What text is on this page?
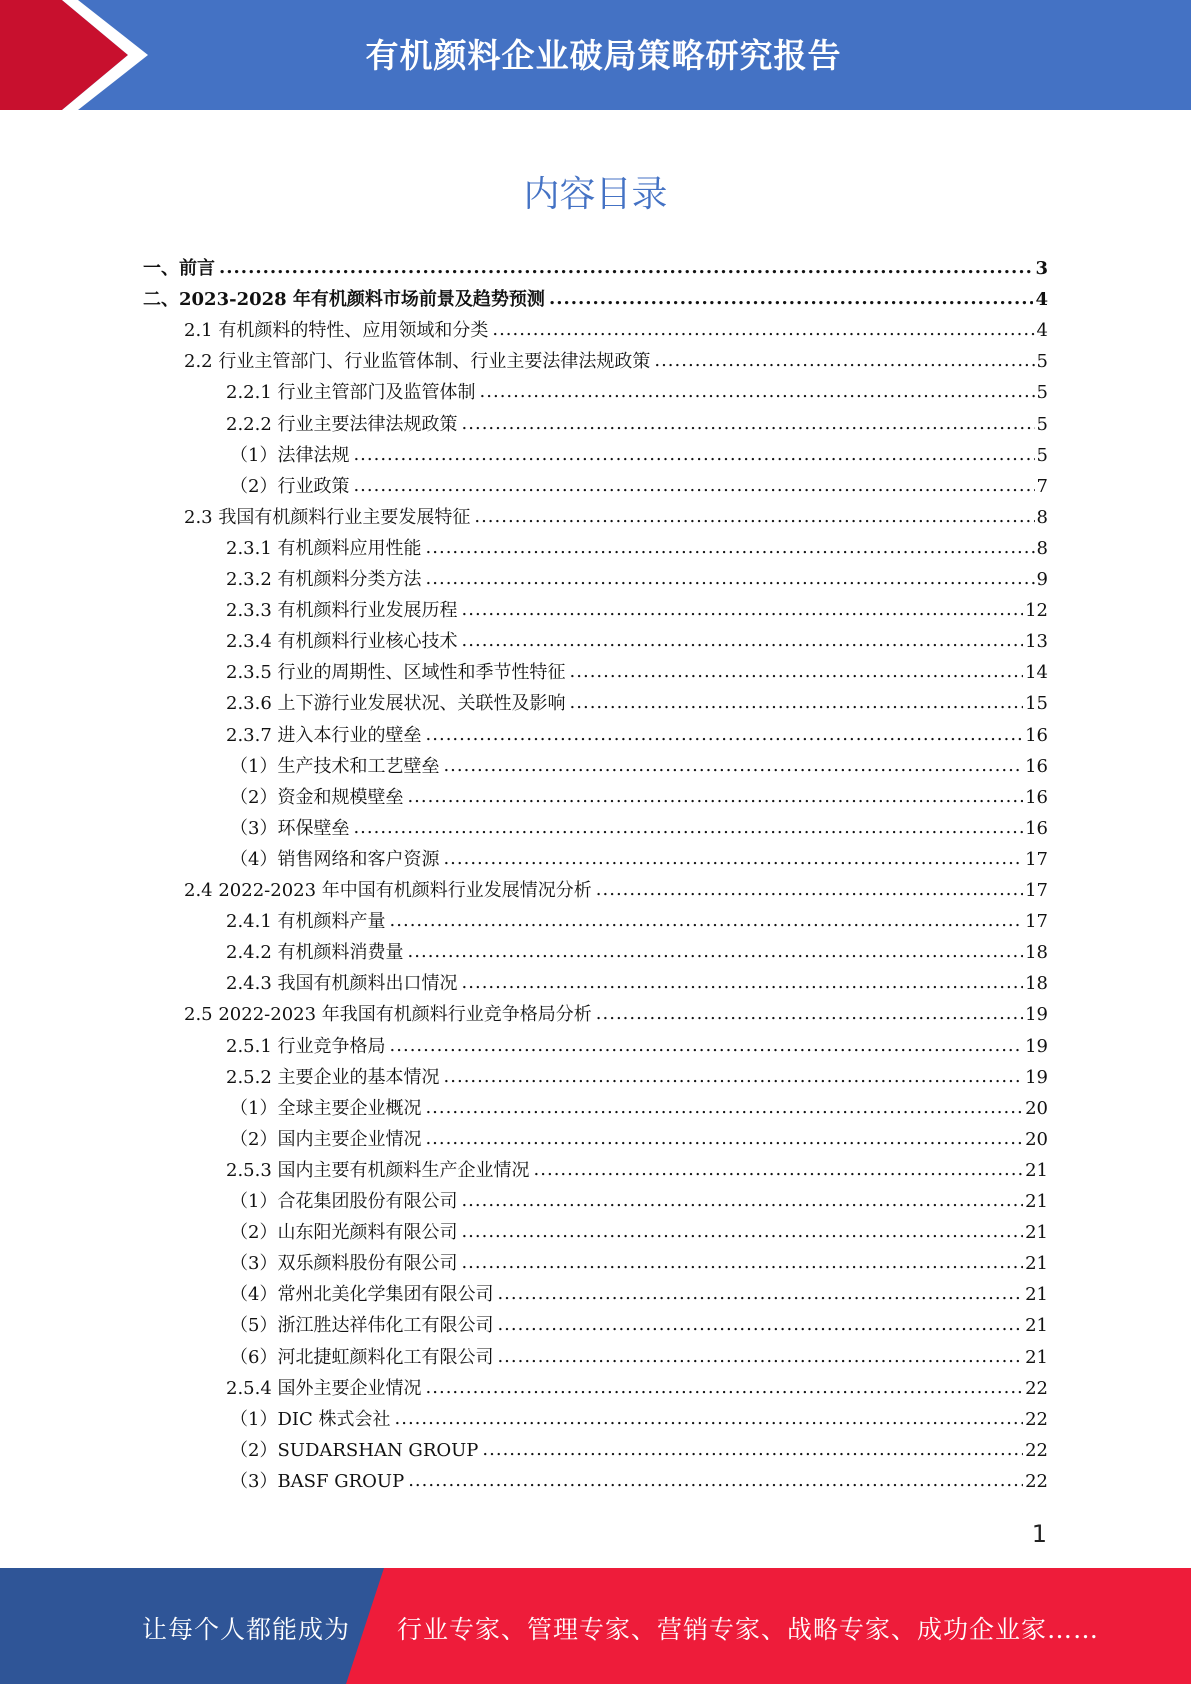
有机颜料企业破局策略研究报告
内容目录
一、前言 .....	3
二、2023-2028 年有机颜料市场前景及趋势预测 .....	4
2.1 有机颜料的特性、应用领域和分类 .....	4
2.2 行业主管部门、行业监管体制、行业主要法律法规政策 .....	5
2.2.1 行业主管部门及监管体制 .....	5
2.2.2 行业主要法律法规政策 .....	5
（1）法律法规 .....	5
（2）行业政策 .....	7
2.3 我国有机颜料行业主要发展特征 .....	8
2.3.1 有机颜料应用性能 .....	8
2.3.2 有机颜料分类方法 .....	9
2.3.3 有机颜料行业发展历程 .....	12
2.3.4 有机颜料行业核心技术 .....	13
2.3.5 行业的周期性、区域性和季节性特征 .....	14
2.3.6 上下游行业发展状况、关联性及影响 .....	15
2.3.7 进入本行业的壁垒 .....	16
（1）生产技术和工艺壁垒 .....	16
（2）资金和规模壁垒 .....	16
（3）环保壁垒 .....	16
（4）销售网络和客户资源 .....	17
2.4 2022-2023 年中国有机颜料行业发展情况分析 .....	17
2.4.1 有机颜料产量 .....	17
2.4.2 有机颜料消费量 .....	18
2.4.3 我国有机颜料出口情况 .....	18
2.5 2022-2023 年我国有机颜料行业竞争格局分析 .....	19
2.5.1 行业竞争格局 .....	19
2.5.2 主要企业的基本情况 .....	19
（1）全球主要企业概况 .....	20
（2）国内主要企业情况 .....	20
2.5.3 国内主要有机颜料生产企业情况 .....	21
（1）合花集团股份有限公司 .....	21
（2）山东阳光颜料有限公司 .....	21
（3）双乐颜料股份有限公司 .....	21
（4）常州北美化学集团有限公司 .....	21
（5）浙江胜达祥伟化工有限公司 .....	21
（6）河北捷虹颜料化工有限公司 .....	21
2.5.4 国外主要企业情况 .....	22
（1）DIC 株式会社 .....	22
（2）SUDARSHAN GROUP .....	22
（3）BASF GROUP .....	22
1
让每个人都能成为 行业专家、管理专家、营销专家、战略专家、成功企业家……
